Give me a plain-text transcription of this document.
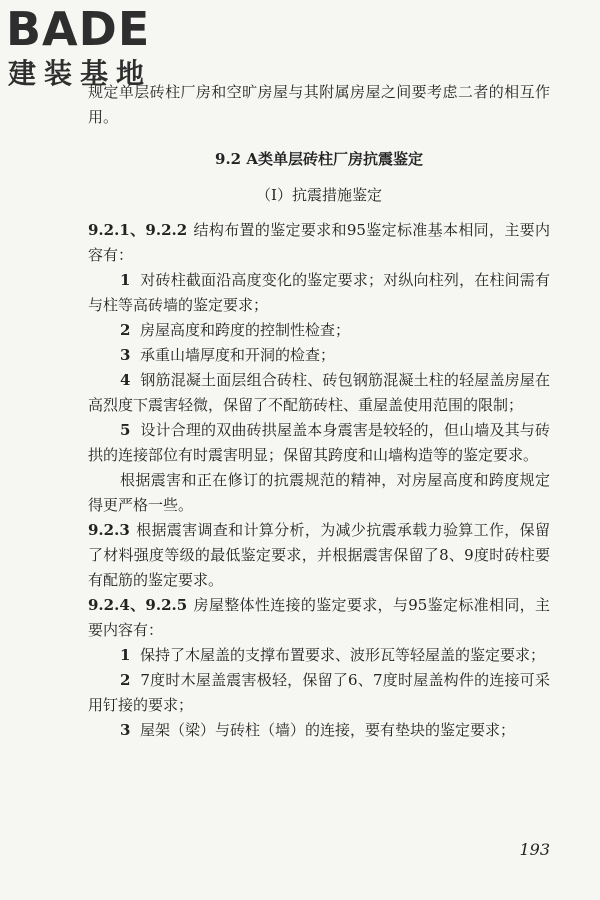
BADE
建装基地

规定单层砖柱厂房和空旷房屋与其附属房屋之间要考虑二者的相互作用。

9.2 A类单层砖柱厂房抗震鉴定

（Ⅰ）抗震措施鉴定

9.2.1、9.2.2 结构布置的鉴定要求和95鉴定标准基本相同，主要内容有：

1 对砖柱截面沿高度变化的鉴定要求；对纵向柱列，在柱间需有与柱等高砖墙的鉴定要求；

2 房屋高度和跨度的控制性检查；

3 承重山墙厚度和开洞的检查；

4 钢筋混凝土面层组合砖柱、砖包钢筋混凝土柱的轻屋盖房屋在高烈度下震害轻微，保留了不配筋砖柱、重屋盖使用范围的限制；

5 设计合理的双曲砖拱屋盖本身震害是较轻的，但山墙及其与砖拱的连接部位有时震害明显；保留其跨度和山墙构造等的鉴定要求。

根据震害和正在修订的抗震规范的精神，对房屋高度和跨度规定得更严格一些。

9.2.3 根据震害调查和计算分析，为减少抗震承载力验算工作，保留了材料强度等级的最低鉴定要求，并根据震害保留了8、9度时砖柱要有配筋的鉴定要求。

9.2.4、9.2.5 房屋整体性连接的鉴定要求，与95鉴定标准相同，主要内容有：

1 保持了木屋盖的支撑布置要求、波形瓦等轻屋盖的鉴定要求；

2 7度时木屋盖震害极轻，保留了6、7度时屋盖构件的连接可采用钉接的要求；

3 屋架（梁）与砖柱（墙）的连接，要有垫块的鉴定要求；

193
